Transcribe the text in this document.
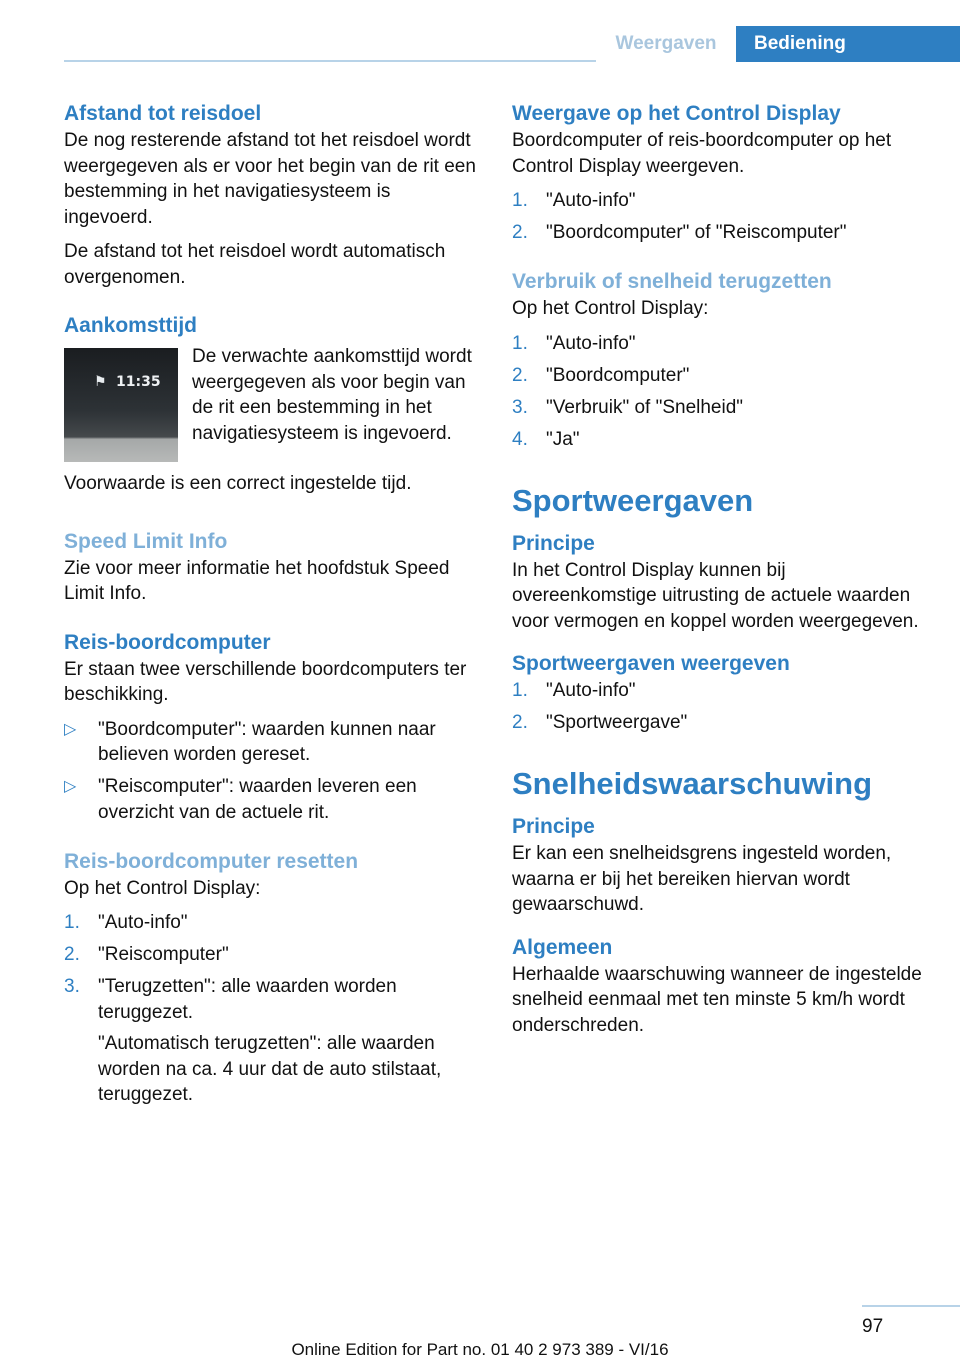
Weergaven	Bediening
Afstand tot reisdoel

De nog resterende afstand tot het reisdoel wordt weergegeven als er voor het begin van de rit een bestemming in het navigatiesysteem is ingevoerd.

De afstand tot het reisdoel wordt automatisch overgenomen.

Aankomsttijd
⚑ 11:35

De verwachte aankomsttijd wordt weergegeven als voor begin van de rit een bestemming in het navigatiesysteem is ingevoerd.

Voorwaarde is een correct ingestelde tijd.

Speed Limit Info

Zie voor meer informatie het hoofdstuk Speed Limit Info.

Reis-boordcomputer

Er staan twee verschillende boordcomputers ter beschikking.

▷ "Boordcomputer": waarden kunnen naar believen worden gereset.
▷ "Reiscomputer": waarden leveren een overzicht van de actuele rit.
Reis-boordcomputer resetten

Op het Control Display:

1. "Auto-info"
2. "Reiscomputer"
3. "Terugzetten": alle waarden worden teruggezet.
"Automatisch terugzetten": alle waarden worden na ca. 4 uur dat de auto stilstaat, teruggezet.
Weergave op het Control Display

Boordcomputer of reis-boordcomputer op het Control Display weergeven.

1. "Auto-info"
2. "Boordcomputer" of "Reiscomputer"
Verbruik of snelheid terugzetten

Op het Control Display:

1. "Auto-info"
2. "Boordcomputer"
3. "Verbruik" of "Snelheid"
4. "Ja"
Sportweergaven
Principe

In het Control Display kunnen bij overeenkomstige uitrusting de actuele waarden voor vermogen en koppel worden weergegeven.

Sportweergaven weergeven
1. "Auto-info"
2. "Sportweergave"
Snelheidswaarschuwing
Principe

Er kan een snelheidsgrens ingesteld worden, waarna er bij het bereiken hiervan wordt gewaarschuwd.

Algemeen

Herhaalde waarschuwing wanneer de ingestelde snelheid eenmaal met ten minste 5 km/h wordt onderschreden.

97
Online Edition for Part no. 01 40 2 973 389 - VI/16
